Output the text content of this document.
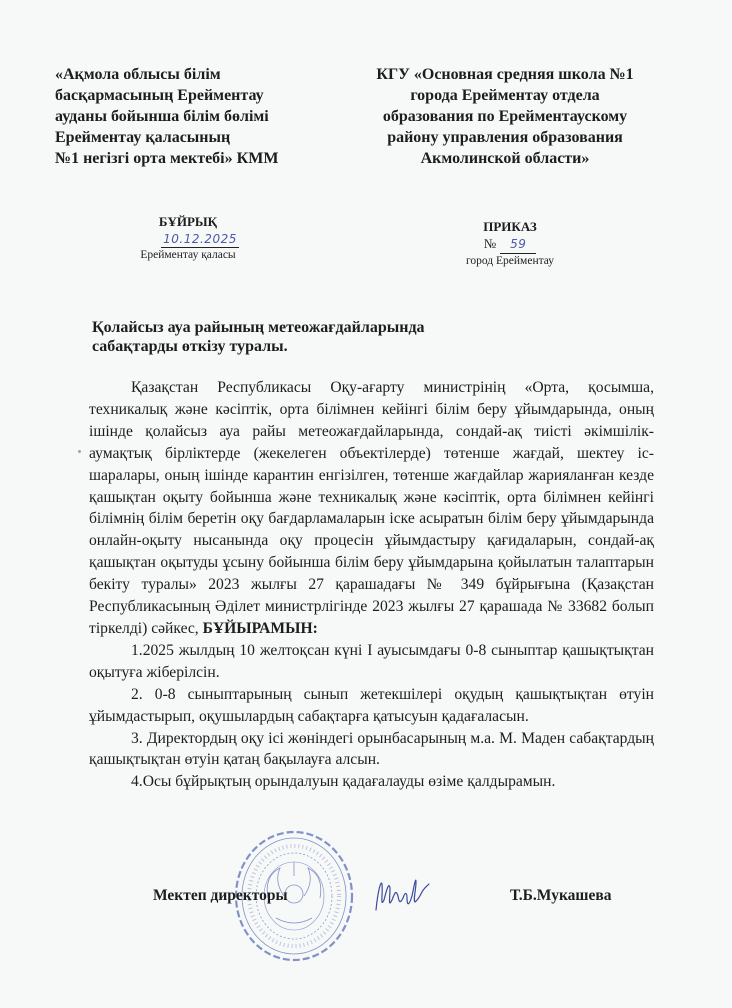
«Ақмола облысы білім
басқармасының Ерейментау
ауданы бойынша білім бөлімі
Ерейментау қаласының
№1 негізгі орта мектебі» КММ
КГУ «Основная средняя школа №1
города Ерейментау отдела
образования по Ерейментаускому
району управления образования
Акмолинской области»
БҰЙРЫҚ
10.12.2025
Ерейментау қаласы
ПРИКАЗ
№ 59
город Ерейментау
Қолайсыз ауа райының метеожағдайларында
сабақтарды өткізу туралы.

Қазақстан Республикасы Оқу-ағарту министрінің «Орта, қосымша, техникалық және кәсіптік, орта білімнен кейінгі білім беру ұйымдарында, оның ішінде қолайсыз ауа райы метеожағдайларында, сондай-ақ тиісті әкімшілік-аумақтық бірліктерде (жекелеген объектілерде) төтенше жағдай, шектеу іс-шаралары, оның ішінде карантин енгізілген, төтенше жағдайлар жарияланған кезде қашықтан оқыту бойынша және техникалық және кәсіптік, орта білімнен кейінгі білімнің білім беретін оқу бағдарламаларын іске асыратын білім беру ұйымдарында онлайн-оқыту нысанында оқу процесін ұйымдастыру қағидаларын, сондай-ақ қашықтан оқытуды ұсыну бойынша білім беру ұйымдарына қойылатын талаптарын бекіту туралы» 2023 жылғы 27 қарашадағы № 349 бұйрығына (Қазақстан Республикасының Әділет министрлігінде 2023 жылғы 27 қарашада № 33682 болып тіркелді) сәйкес, БҰЙЫРАМЫН:

1.2025 жылдың 10 желтоқсан күні І ауысымдағы 0-8 сыныптар қашықтықтан оқытуға жіберілсін.

2. 0-8 сыныптарының сынып жетекшілері оқудың қашықтықтан өтуін ұйымдастырып, оқушылардың сабақтарға қатысуын қадағаласын.

3. Директордың оқу ісі жөніндегі орынбасарының м.а. М. Маден сабақтардың қашықтықтан өтуін қатаң бақылауға алсын.

4.Осы бұйрықтың орындалуын қадағалауды өзіме қалдырамын.

Мектеп директоры	Т.Б.Мукашева
